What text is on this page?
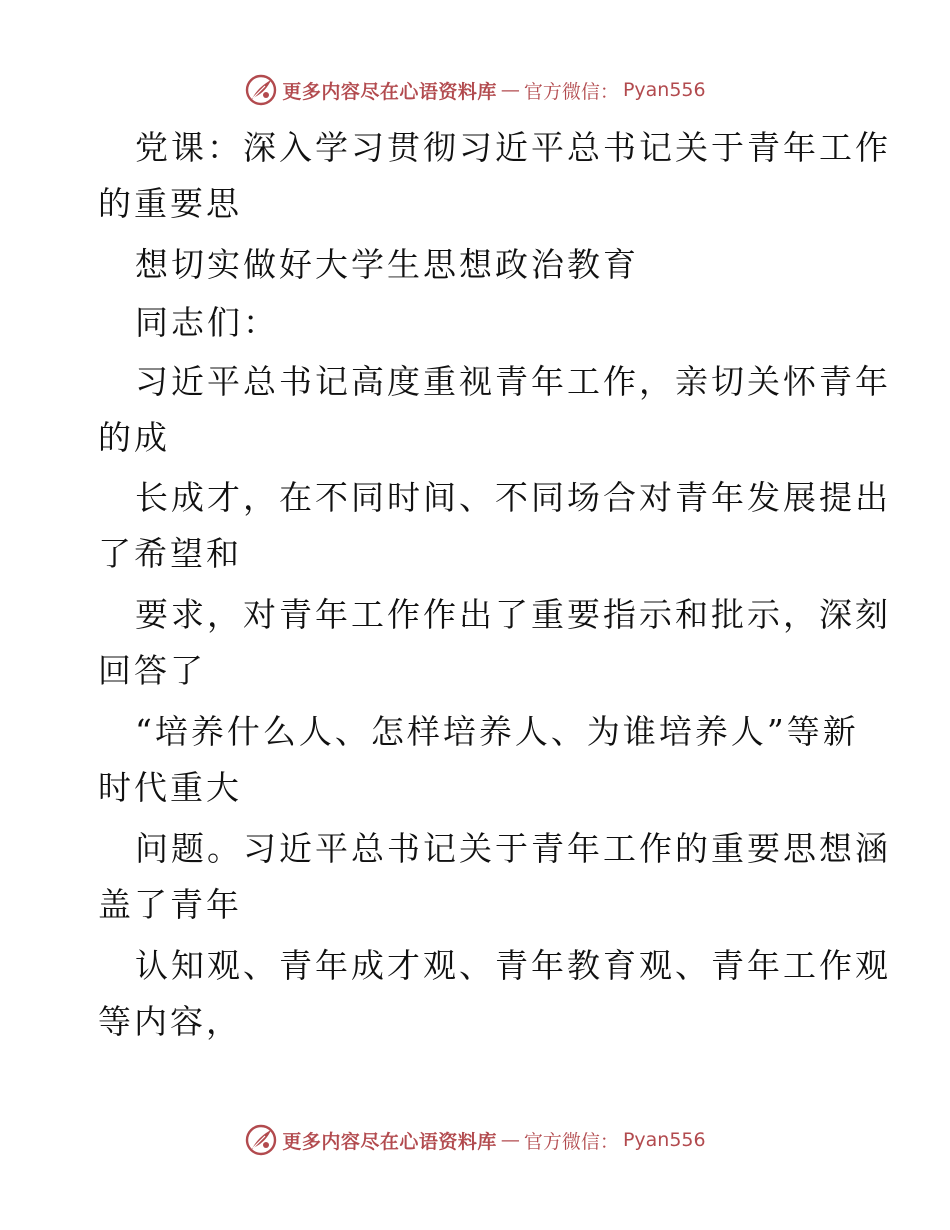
更多内容尽在心语资料库 — 官方微信： Pyan556
党课：深入学习贯彻习近平总书记关于青年工作
的重要思
想切实做好大学生思想政治教育
同志们：
习近平总书记高度重视青年工作，亲切关怀青年
的成
长成才，在不同时间、不同场合对青年发展提出
了希望和
要求，对青年工作作出了重要指示和批示，深刻
回答了
“培养什么人、怎样培养人、为谁培养人”等新
时代重大
问题。习近平总书记关于青年工作的重要思想涵
盖了青年
认知观、青年成才观、青年教育观、青年工作观
等内容，
更多内容尽在心语资料库 — 官方微信： Pyan556
